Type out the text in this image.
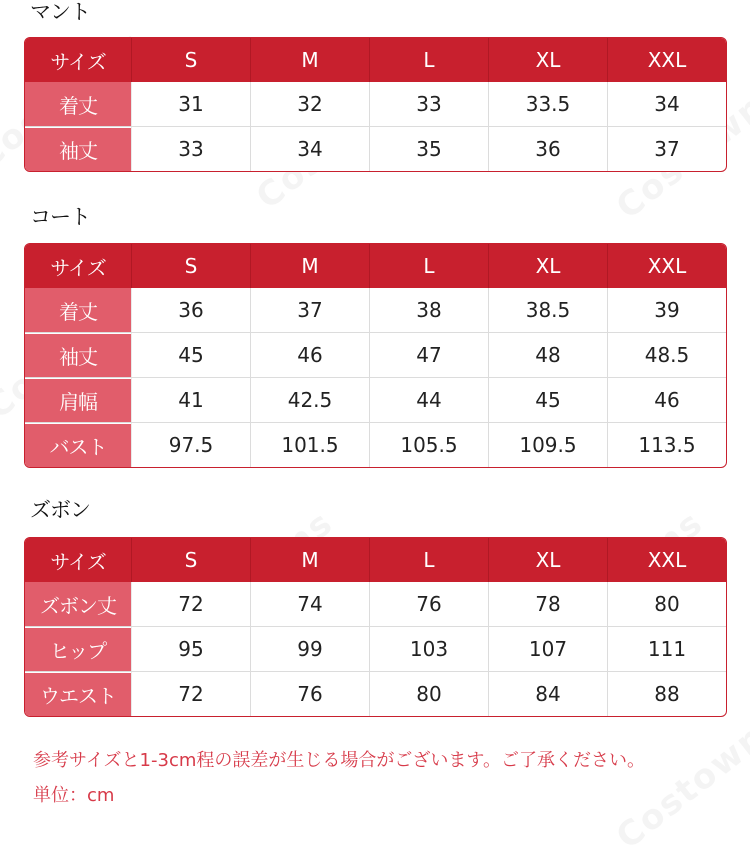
マント
サイズ	S	M	L	XL	XXL
着丈	31	32	33	33.5	34
袖丈	33	34	35	36	37
コート
サイズ	S	M	L	XL	XXL
着丈	36	37	38	38.5	39
袖丈	45	46	47	48	48.5
肩幅	41	42.5	44	45	46
バスト	97.5	101.5	105.5	109.5	113.5
ズボン
サイズ	S	M	L	XL	XXL
ズボン丈	72	74	76	78	80
ヒップ	95	99	103	107	111
ウエスト	72	76	80	84	88
参考サイズと1-3cm程の誤差が生じる場合がございます。ご了承ください。
単位：cm
